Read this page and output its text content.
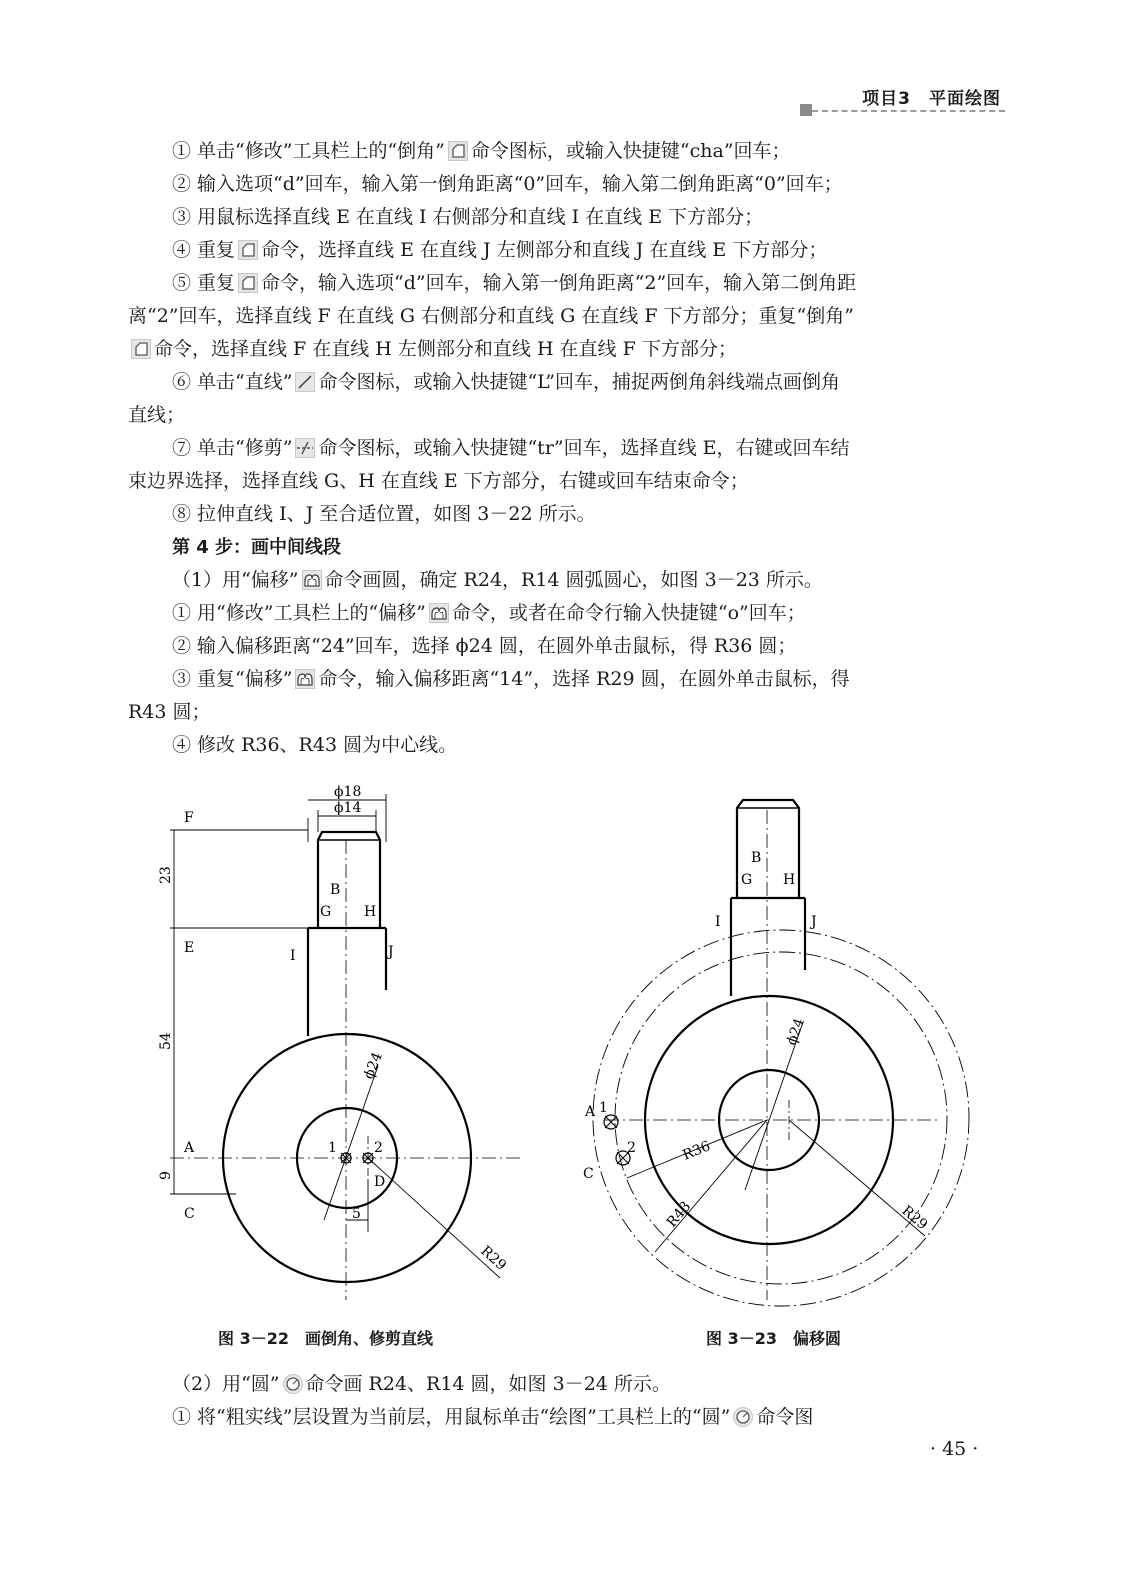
项目3　平面绘图
① 单击“修改”工具栏上的“倒角” 命令图标，或输入快捷键“cha”回车；
② 输入选项“d”回车，输入第一倒角距离“0”回车，输入第二倒角距离“0”回车；
③ 用鼠标选择直线 E 在直线 I 右侧部分和直线 I 在直线 E 下方部分；
④ 重复 命令，选择直线 E 在直线 J 左侧部分和直线 J 在直线 E 下方部分；
⑤ 重复 命令，输入选项“d”回车，输入第一倒角距离“2”回车，输入第二倒角距
离“2”回车，选择直线 F 在直线 G 右侧部分和直线 G 在直线 F 下方部分；重复“倒角”
命令，选择直线 F 在直线 H 左侧部分和直线 H 在直线 F 下方部分；
⑥ 单击“直线” 命令图标，或输入快捷键“L”回车，捕捉两倒角斜线端点画倒角
直线；
⑦ 单击“修剪” 命令图标，或输入快捷键“tr”回车，选择直线 E，右键或回车结
束边界选择，选择直线 G、H 在直线 E 下方部分，右键或回车结束命令；
⑧ 拉伸直线 I、J 至合适位置，如图 3－22 所示。
第 4 步：画中间线段
（1）用“偏移” 命令画圆，确定 R24，R14 圆弧圆心，如图 3－23 所示。
① 用“修改”工具栏上的“偏移” 命令，或者在命令行输入快捷键“o”回车；
② 输入偏移距离“24”回车，选择 ϕ24 圆，在圆外单击鼠标，得 R36 圆；
③ 重复“偏移” 命令，输入偏移距离“14”，选择 R29 圆，在圆外单击鼠标，得
R43 圆；
④ 修改 R36、R43 圆为中心线。
F
E
A
C
B
G H
I	J
D
1	2
ϕ18
ϕ14
23
54
9
5
ϕ24
R29
图 3－22　画倒角、修剪直线
B
G H
I	J
A
C
1
2
ϕ24
R36
R43	R29
图 3－23　偏移圆
（2）用“圆” 命令画 R24、R14 圆，如图 3－24 所示。
① 将“粗实线”层设置为当前层，用鼠标单击“绘图”工具栏上的“圆” 命令图
· 45 ·
